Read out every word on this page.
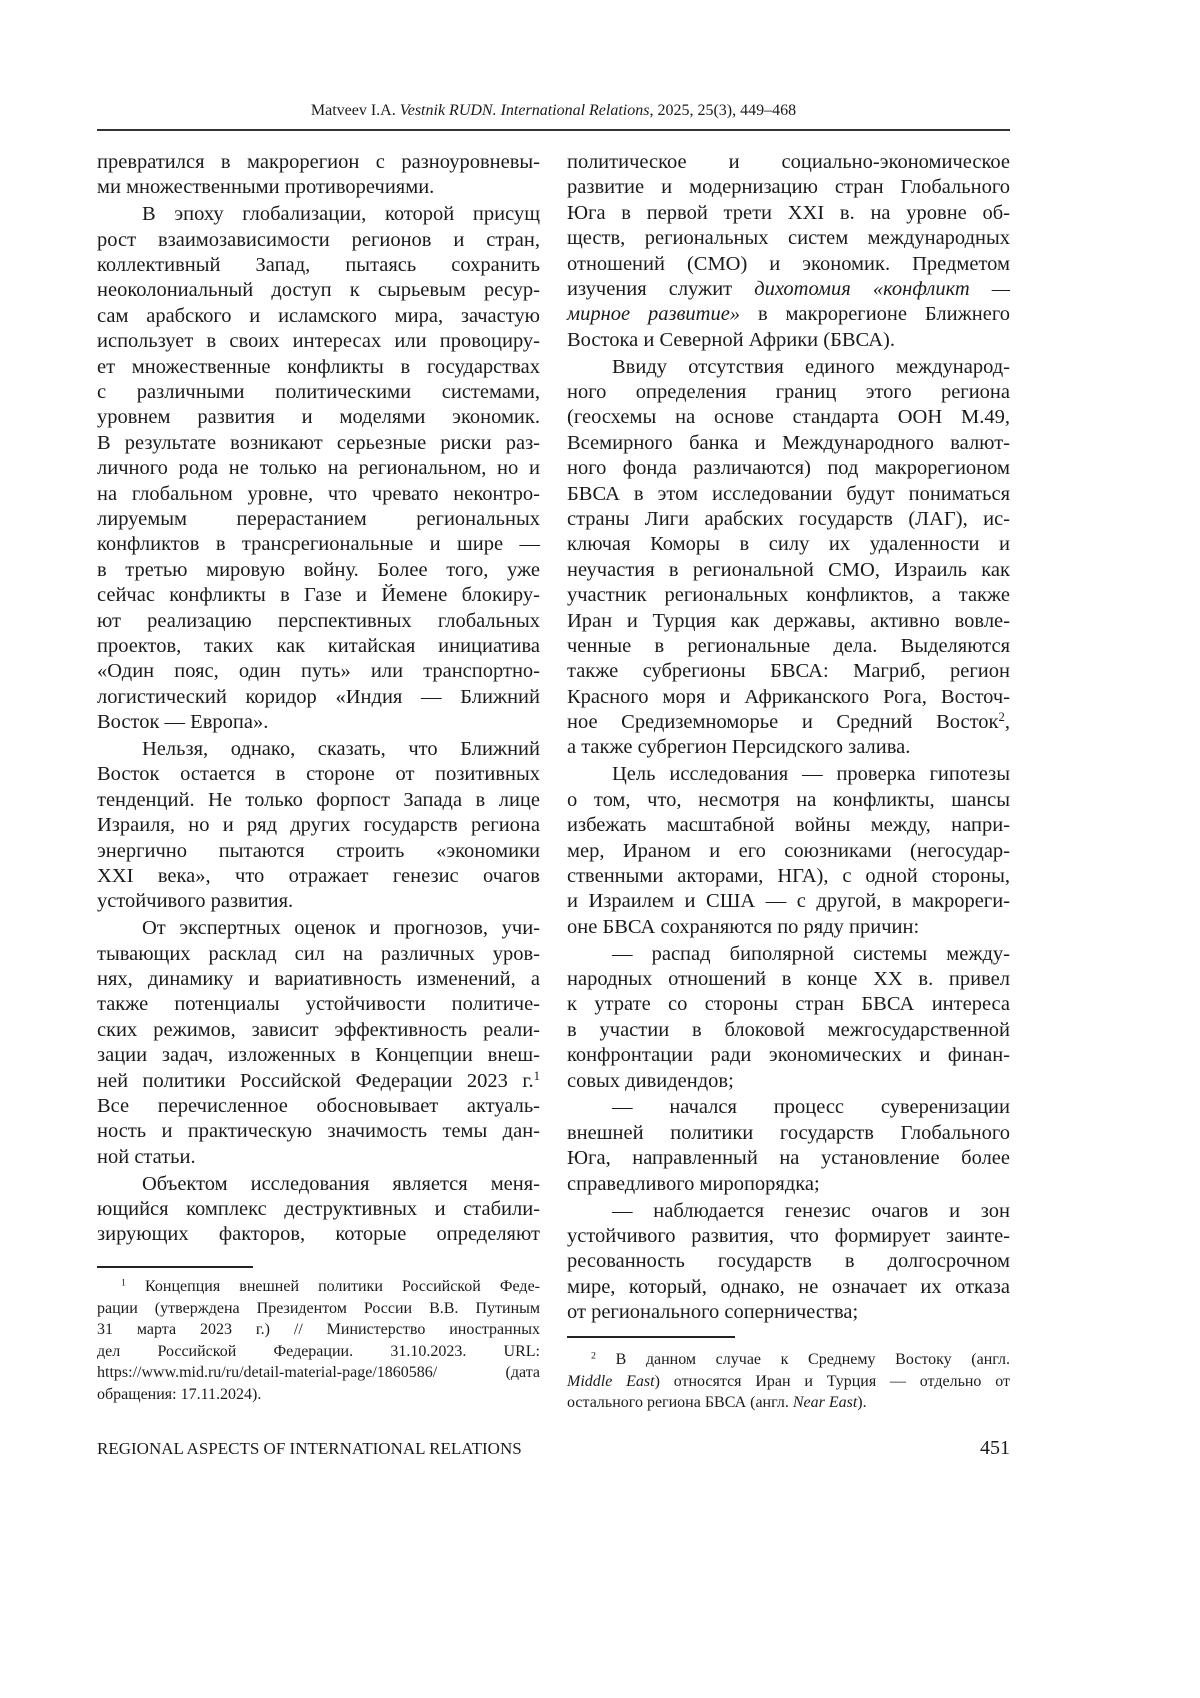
Matveev I.A. Vestnik RUDN. International Relations, 2025, 25(3), 449–468
превратился в макрорегион с разноуровневы-
ми множественными противоречиями.
В эпоху глобализации, которой присущ
рост взаимозависимости регионов и стран,
коллективный Запад, пытаясь сохранить
неоколониальный доступ к сырьевым ресур-
сам арабского и исламского мира, зачастую
использует в своих интересах или провоциру-
ет множественные конфликты в государствах
с различными политическими системами,
уровнем развития и моделями экономик.
В результате возникают серьезные риски раз-
личного рода не только на региональном, но и
на глобальном уровне, что чревато неконтро-
лируемым перерастанием региональных
конфликтов в трансрегиональные и шире —
в третью мировую войну. Более того, уже
сейчас конфликты в Газе и Йемене блокиру-
ют реализацию перспективных глобальных
проектов, таких как китайская инициатива
«Один пояс, один путь» или транспортно-
логистический коридор «Индия — Ближний
Восток — Европа».
Нельзя, однако, сказать, что Ближний
Восток остается в стороне от позитивных
тенденций. Не только форпост Запада в лице
Израиля, но и ряд других государств региона
энергично пытаются строить «экономики
XXI века», что отражает генезис очагов
устойчивого развития.
От экспертных оценок и прогнозов, учи-
тывающих расклад сил на различных уров-
нях, динамику и вариативность изменений, а
также потенциалы устойчивости политиче-
ских режимов, зависит эффективность реали-
зации задач, изложенных в Концепции внеш-
ней политики Российской Федерации 2023 г.1
Все перечисленное обосновывает актуаль-
ность и практическую значимость темы дан-
ной статьи.
Объектом исследования является меня-
ющийся комплекс деструктивных и стабили-
зирующих факторов, которые определяют
политическое и социально-экономическое
развитие и модернизацию стран Глобального
Юга в первой трети XXI в. на уровне об-
ществ, региональных систем международных
отношений (СМО) и экономик. Предметом
изучения служит дихотомия «конфликт —
мирное развитие» в макрорегионе Ближнего
Востока и Северной Африки (БВСА).
Ввиду отсутствия единого международ-
ного определения границ этого региона
(геосхемы на основе стандарта ООН М.49,
Всемирного банка и Международного валют-
ного фонда различаются) под макрорегионом
БВСА в этом исследовании будут пониматься
страны Лиги арабских государств (ЛАГ), ис-
ключая Коморы в силу их удаленности и
неучастия в региональной СМО, Израиль как
участник региональных конфликтов, а также
Иран и Турция как державы, активно вовле-
ченные в региональные дела. Выделяются
также субрегионы БВСА: Магриб, регион
Красного моря и Африканского Рога, Восточ-
ное Средиземноморье и Средний Восток2,
а также субрегион Персидского залива.
Цель исследования — проверка гипотезы
о том, что, несмотря на конфликты, шансы
избежать масштабной войны между, напри-
мер, Ираном и его союзниками (негосудар-
ственными акторами, НГА), с одной стороны,
и Израилем и США — с другой, в макрореги-
оне БВСА сохраняются по ряду причин:
— распад биполярной системы между-
народных отношений в конце XX в. привел
к утрате со стороны стран БВСА интереса
в участии в блоковой межгосударственной
конфронтации ради экономических и финан-
совых дивидендов;
— начался процесс суверенизации
внешней политики государств Глобального
Юга, направленный на установление более
справедливого миропорядка;
— наблюдается генезис очагов и зон
устойчивого развития, что формирует заинте-
ресованность государств в долгосрочном
мире, который, однако, не означает их отказа
от регионального соперничества;
1 Концепция внешней политики Российской Феде-
рации (утверждена Президентом России В.В. Путиным
31 марта 2023 г.) // Министерство иностранных
дел Российской Федерации. 31.10.2023. URL:
https://www.mid.ru/ru/detail-material-page/1860586/ (дата
обращения: 17.11.2024).
2 В данном случае к Среднему Востоку (англ.
Middle East) относятся Иран и Турция — отдельно от
остального региона БВСА (англ. Near East).
REGIONAL ASPECTS OF INTERNATIONAL RELATIONS	451
